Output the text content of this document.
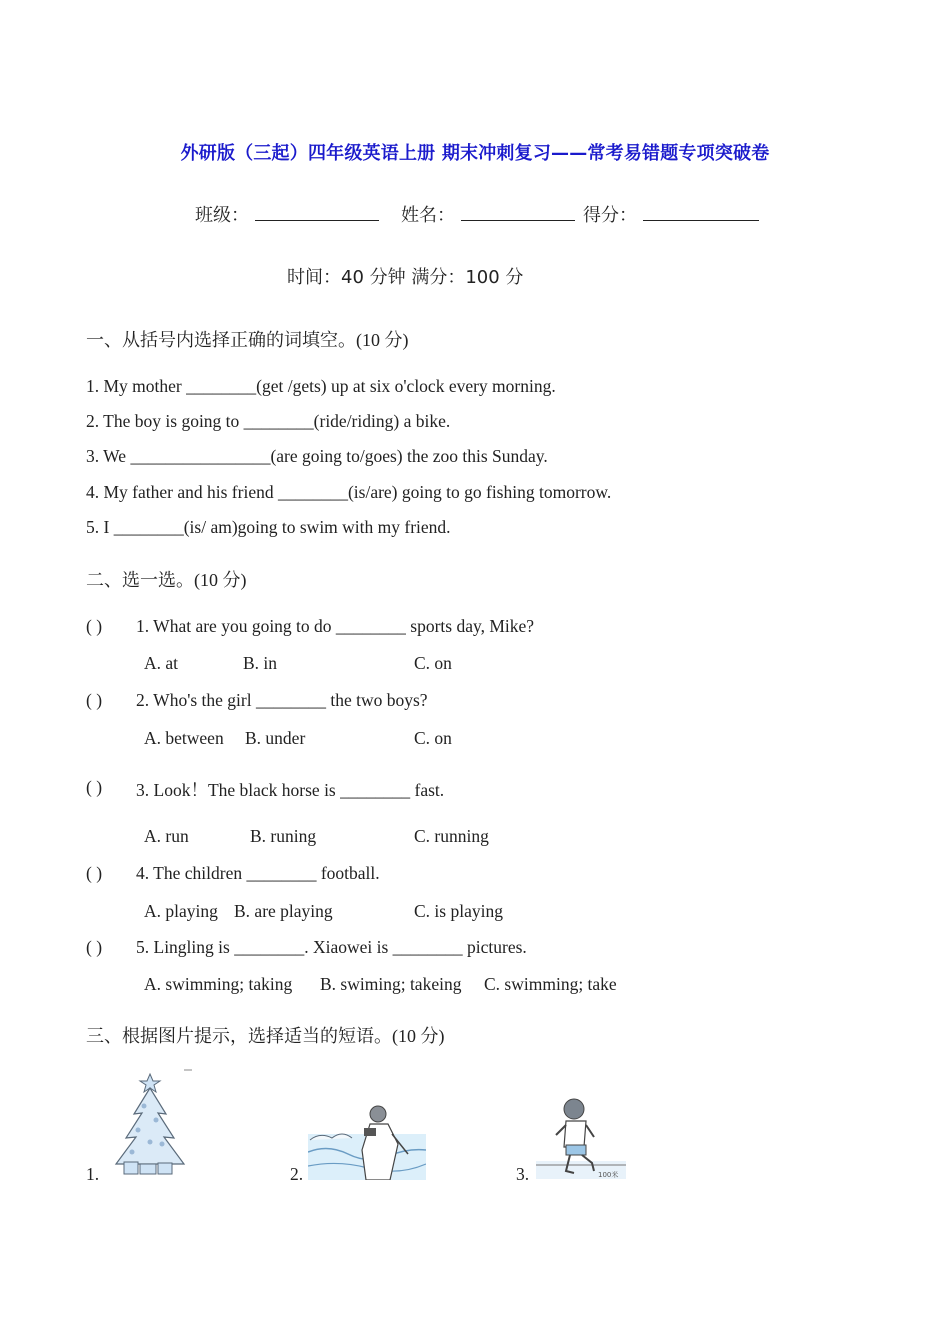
外研版（三起）四年级英语上册 期末冲刺复习——常考易错题专项突破卷
班级：	姓名：	得分：
时间：40 分钟 满分：100 分
一、从括号内选择正确的词填空。(10 分)
1. My mother ________(get /gets) up at six o'clock every morning.
2. The boy is going to ________(ride/riding) a bike.
3. We ________________(are going to/goes) the zoo this Sunday.
4. My father and his friend ________(is/are) going to go fishing tomorrow.
5. I ________(is/ am)going to swim with my friend.
二、选一选。(10 分)
( ) 1. What are you going to do ________ sports day, Mike?
A. at	B. in	C. on
( ) 2. Who's the girl ________ the two boys?
A. between B. under	C. on
( ) 3. Look！The black horse is ________ fast.
A. run	B. runing	C. running
( ) 4. The children ________ football.
A. playing B. are playing	C. is playing
( ) 5. Lingling is ________. Xiaowei is ________ pictures.
A. swimming; taking B. swiming; takeing C. swimming; take
三、根据图片提示，选择适当的短语。(10 分)
1.	2.	3.	100米
